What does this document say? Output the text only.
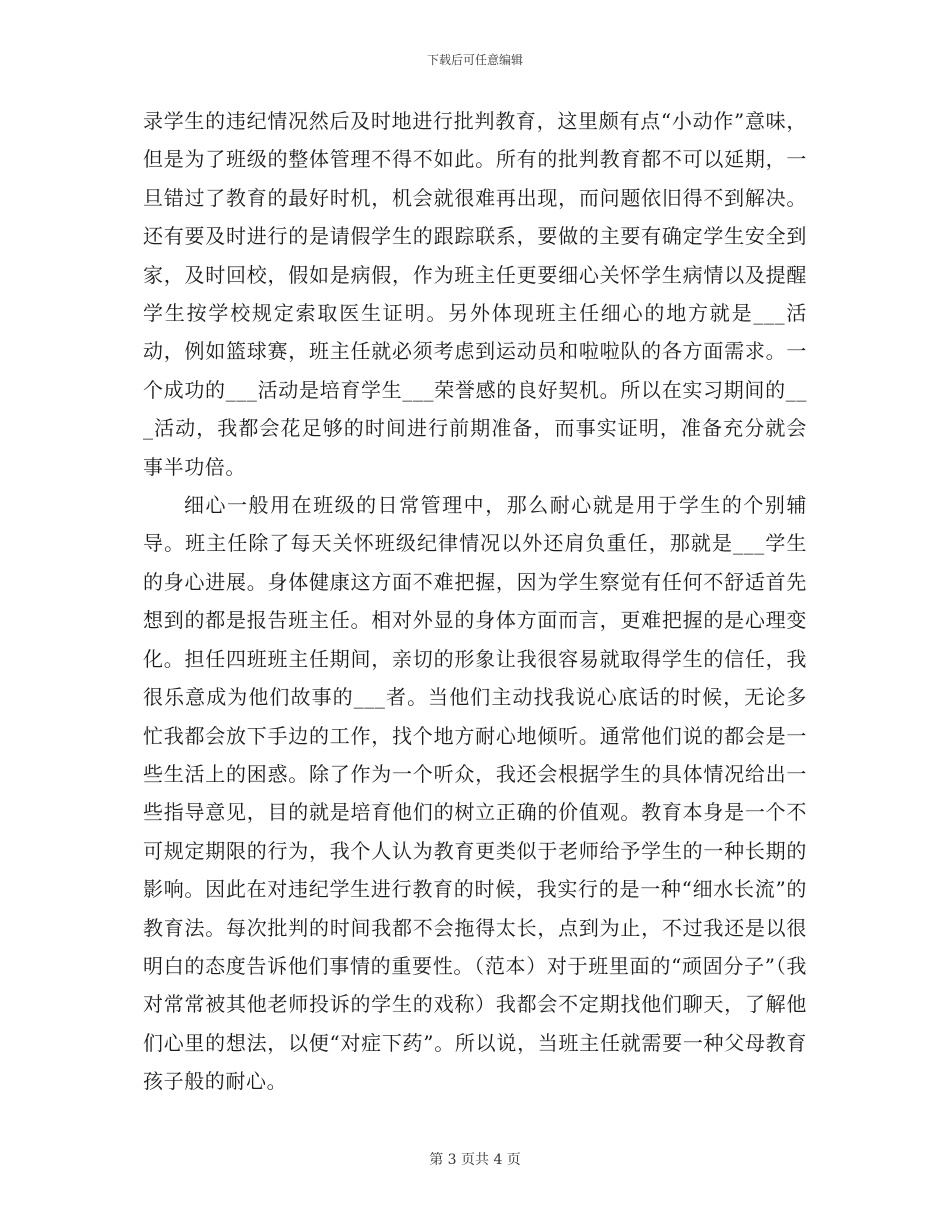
下载后可任意编辑

录学生的违纪情况然后及时地进行批判教育，这里颇有点“小动作”意味，但是为了班级的整体管理不得不如此。所有的批判教育都不可以延期，一旦错过了教育的最好时机，机会就很难再出现，而问题依旧得不到解决。还有要及时进行的是请假学生的跟踪联系，要做的主要有确定学生安全到家，及时回校，假如是病假，作为班主任更要细心关怀学生病情以及提醒学生按学校规定索取医生证明。另外体现班主任细心的地方就是___活动，例如篮球赛，班主任就必须考虑到运动员和啦啦队的各方面需求。一个成功的___活动是培育学生___荣誉感的良好契机。所以在实习期间的___活动，我都会花足够的时间进行前期准备，而事实证明，准备充分就会事半功倍。

细心一般用在班级的日常管理中，那么耐心就是用于学生的个别辅导。班主任除了每天关怀班级纪律情况以外还肩负重任，那就是___学生的身心进展。身体健康这方面不难把握，因为学生察觉有任何不舒适首先想到的都是报告班主任。相对外显的身体方面而言，更难把握的是心理变化。担任四班班主任期间，亲切的形象让我很容易就取得学生的信任，我很乐意成为他们故事的___者。当他们主动找我说心底话的时候，无论多忙我都会放下手边的工作，找个地方耐心地倾听。通常他们说的都会是一些生活上的困惑。除了作为一个听众，我还会根据学生的具体情况给出一些指导意见，目的就是培育他们的树立正确的价值观。教育本身是一个不可规定期限的行为，我个人认为教育更类似于老师给予学生的一种长期的影响。因此在对违纪学生进行教育的时候，我实行的是一种“细水长流”的教育法。每次批判的时间我都不会拖得太长，点到为止，不过我还是以很明白的态度告诉他们事情的重要性。（范本）对于班里面的“顽固分子”（我对常常被其他老师投诉的学生的戏称）我都会不定期找他们聊天，了解他们心里的想法，以便“对症下药”。所以说，当班主任就需要一种父母教育孩子般的耐心。

第 3 页共 4 页
